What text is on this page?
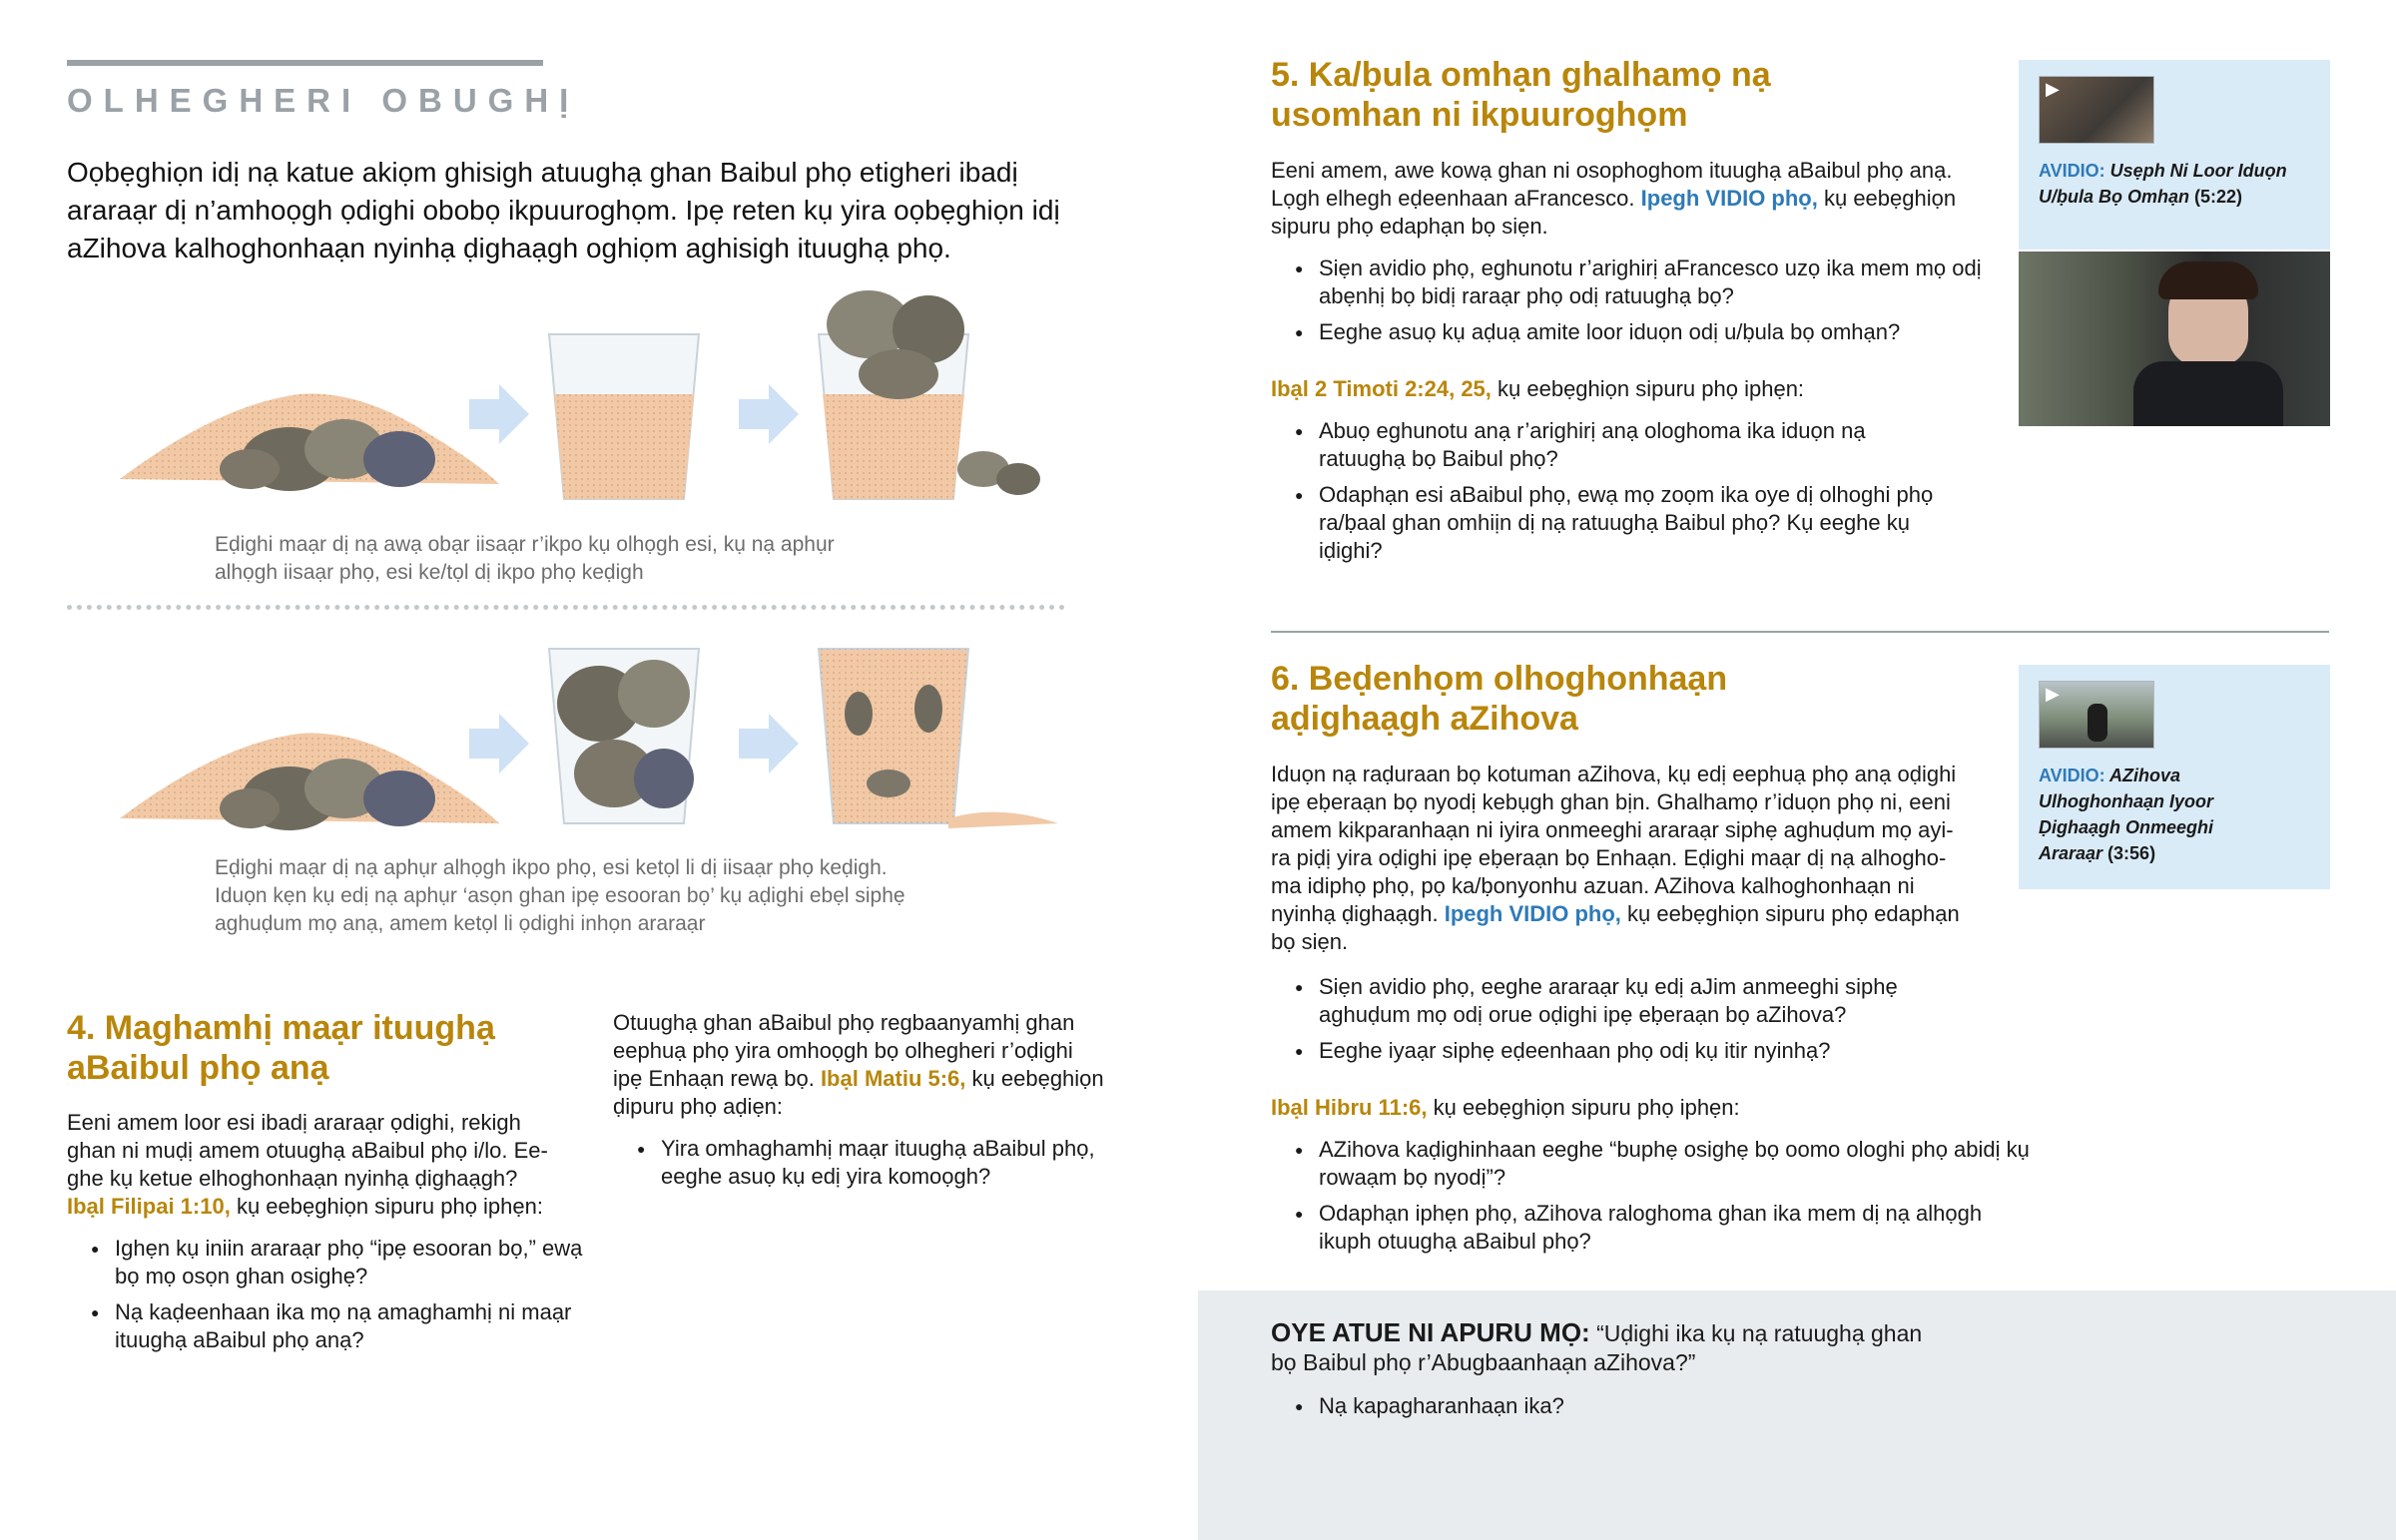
OLHEGHERI OBUGHỊ
Oọbẹghiọn idị nạ katue akiọm ghisigh atuughạ ghan Baibul phọ etigheri ibadị araraạr dị n’amhoọgh ọdighi obobọ ikpuuroghọm. Ipẹ reten kụ yira oọbẹghiọn idị aZihova kalhoghonhaạn nyinhạ ḍighaạgh oghiọm aghisigh ituughạ phọ.
Eḍighi maạr dị nạ awạ obạr iisaạr r’ikpo kụ olhọgh esi, kụ nạ aphụr
alhọgh iisaạr phọ, esi ke/tọl dị ikpo phọ keḍigh
Eḍighi maạr dị nạ aphụr alhọgh ikpo phọ, esi ketọl li dị iisaạr phọ keḍigh.
Iduọn kẹn kụ edị nạ aphụr ‘asọn ghan ipẹ esooran bọ’ kụ aḍighi ebẹl siphẹ
aghuḍum mọ anạ, amem ketọl li ọdighi inhọn araraạr
4. Maghamhị maạr ituughạ
aBaibul phọ anạ
Eeni amem loor esi ibadị araraạr ọdighi, rekigh
ghan ni muḍị amem otuughạ aBaibul phọ i/lo. Ee-
ghe kụ ketue elhoghonhaạn nyinhạ ḍighaạgh?
Ibạl Filipai 1:10, kụ eebẹghiọn sipuru phọ iphẹn:
● Ighẹn kụ iniin araraạr phọ “ipẹ esooran bọ,” ewạ bọ mọ osọn ghan osighẹ?
● Nạ kaḍeenhaan ika mọ nạ amaghamhị ni maạr ituughạ aBaibul phọ anạ?
Otuughạ ghan aBaibul phọ regbaanyamhị ghan
eephuạ phọ yira omhoọgh bọ olhegheri r’oḍighi
ipẹ Enhaạn rewạ bọ. Ibạl Matiu 5:6, kụ eebẹghiọn
ḍipuru phọ aḍiẹn:
● Yira omhaghamhị maạr ituughạ aBaibul phọ, eeghe asuọ kụ edị yira komoọgh?
5. Ka/ḅula omhạn ghalhamọ nạ
usomhan ni ikpuuroghọm
Eeni amem, awe kowạ ghan ni osophoghom ituughạ aBaibul phọ anạ.
Lọgh elhegh eḍeenhaan aFrancesco. Ipegh VIDIO phọ, kụ eebẹghiọn
sipuru phọ edaphạn bọ siẹn.
● Siẹn avidio phọ, eghunotu r’arighirị aFrancesco uzọ ika mem mọ odị abẹnhị bọ bidị raraạr phọ odị ratuughạ bọ?
● Eeghe asuọ kụ aḍuạ amite loor iduọn odị u/ḅula bọ omhạn?
Ibạl 2 Timoti 2:24, 25, kụ eebẹghiọn sipuru phọ iphẹn:
● Abuọ eghunotu anạ r’arighirị anạ ologhoma ika iduọn nạ ratuughạ bọ Baibul phọ?
● Odaphạn esi aBaibul phọ, ewạ mọ zoọm ika oye dị olhoghi phọ ra/ḅaal ghan omhiịn dị nạ ratuughạ Baibul phọ? Kụ eeghe kụ iḍighi?
▶
AVIDIO: Usẹph Ni Loor Iduọn
U/ḅula Bọ Omhạn (5:22)
6. Beḍenhọm olhoghonhaạn
aḍighaạgh aZihova
Iduọn nạ raḍuraan bọ kotuman aZihova, kụ edị eephuạ phọ anạ oḍighi
ipẹ eḅeraạn bọ nyodị kebụgh ghan bịn. Ghalhamọ r’iduọn phọ ni, eeni
amem kikparanhaạn ni iyira onmeeghi araraạr siphẹ aghuḍum mọ ayi-
ra piḍị yira oḍighi ipẹ eḅeraạn bọ Enhaạn. Eḍighi maạr dị nạ alhogho-
ma idiphọ phọ, pọ ka/ḅonyonhu azuan. AZihova kalhoghonhaạn ni
nyinhạ ḍighaạgh. Ipegh VIDIO phọ, kụ eebẹghiọn sipuru phọ edaphạn
bọ siẹn.
● Siẹn avidio phọ, eeghe araraạr kụ edị aJim anmeeghi siphẹ aghuḍum mọ odị orue oḍighi ipẹ eḅeraạn bọ aZihova?
● Eeghe iyaạr siphẹ eḍeenhaan phọ odị kụ itir nyinhạ?
Ibạl Hibru 11:6, kụ eebẹghiọn sipuru phọ iphẹn:
● AZihova kaḍighinhaan eeghe “buphẹ osighẹ bọ oomo ologhi phọ abidị kụ rowaạm bọ nyodị”?
● Odaphạn iphẹn phọ, aZihova raloghoma ghan ika mem dị nạ alhọgh ikuph otuughạ aBaibul phọ?
▶
AVIDIO: AZihova
Ulhoghonhaạn Iyoor
Ḍighaạgh Onmeeghi
Araraạr (3:56)
OYE ATUE NI APURU MỌ: “Uḍighi ika kụ nạ ratuughạ ghan
bọ Baibul phọ r’Abugbaanhaạn aZihova?”
● Nạ kapagharanhaạn ika?
